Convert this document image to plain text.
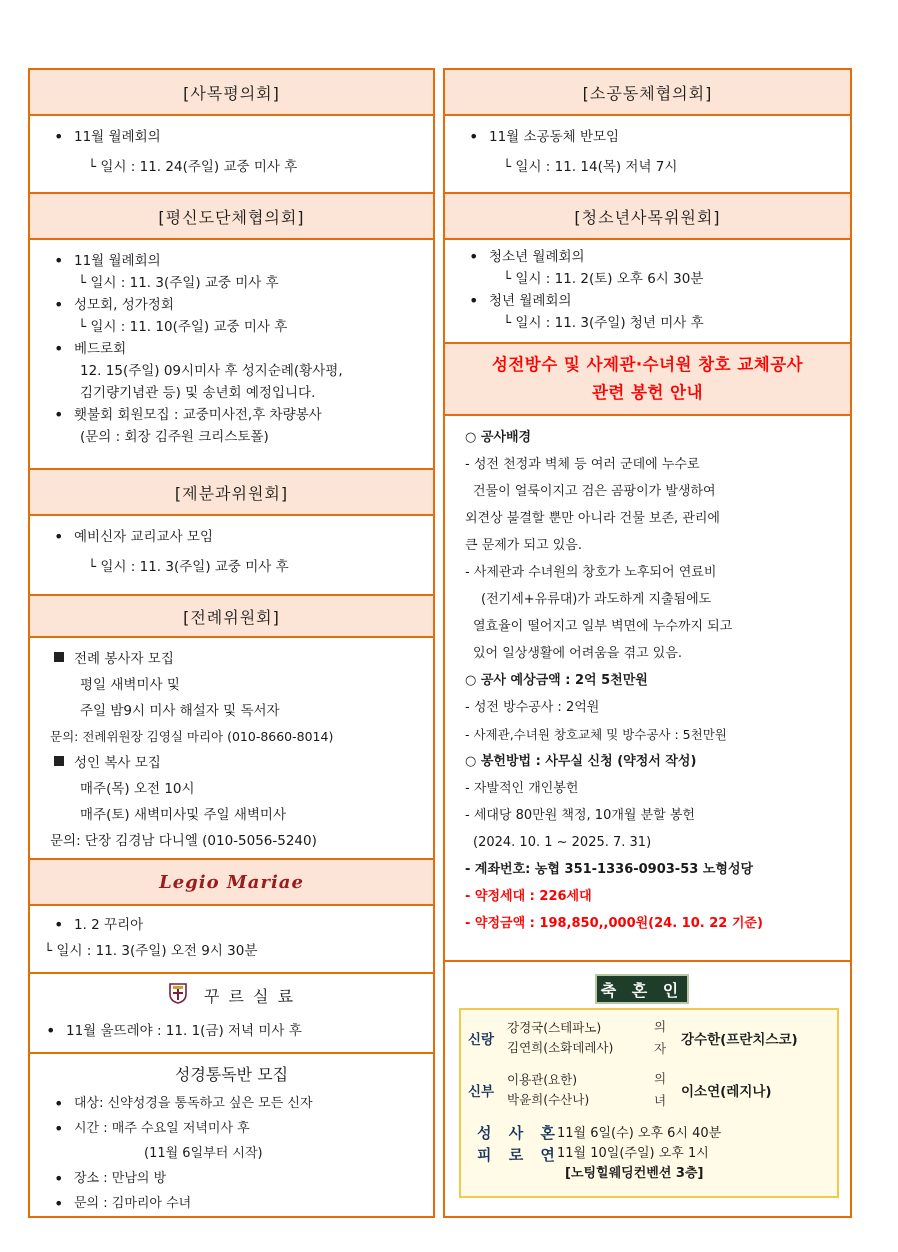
[사목평의회]
• 11월 월례회의
└ 일시 : 11. 24(주일) 교중 미사 후
[평신도단체협의회]
• 11월 월례회의
└ 일시 : 11. 3(주일) 교중 미사 후
• 성모회, 성가정회
└ 일시 : 11. 10(주일) 교중 미사 후
• 베드로회
12. 15(주일) 09시미사 후 성지순례(황사평,
김기량기념관 등) 및 송년회 예정입니다.
• 횃불회 회원모집 : 교중미사전,후 차량봉사
(문의 : 회장 김주원 크리스토폴)
[제분과위원회]
• 예비신자 교리교사 모임
└ 일시 : 11. 3(주일) 교중 미사 후
[전례위원회]
전례 봉사자 모집
평일 새벽미사 및
주일 밤9시 미사 해설자 및 독서자
문의: 전례위원장 김영실 마리아 (010-8660-8014)
성인 복사 모집
매주(목) 오전 10시
매주(토) 새벽미사및 주일 새벽미사
문의: 단장 김경남 다니엘 (010-5056-5240)
Legio Mariae
• 1. 2 꾸리아
└ 일시 : 11. 3(주일) 오전 9시 30분
꾸 르 실 료
• 11월 울뜨레야 : 11. 1(금) 저녁 미사 후
성경통독반 모집
• 대상: 신약성경을 통독하고 싶은 모든 신자
• 시간 : 매주 수요일 저녁미사 후
(11월 6일부터 시작)
• 장소 : 만남의 방
• 문의 : 김마리아 수녀
[소공동체협의회]
• 11월 소공동체 반모임
└ 일시 : 11. 14(목) 저녁 7시
[청소년사목위원회]
• 청소년 월례회의
└ 일시 : 11. 2(토) 오후 6시 30분
• 청년 월례회의
└ 일시 : 11. 3(주일) 청년 미사 후
성전방수 및 사제관·수녀원 창호 교체공사
관련 봉헌 안내
○ 공사배경
- 성전 천정과 벽체 등 여러 군데에 누수로
건물이 얼룩이지고 검은 곰팡이가 발생하여
외견상 불결할 뿐만 아니라 건물 보존, 관리에
큰 문제가 되고 있음.
- 사제관과 수녀원의 창호가 노후되어 연료비
(전기세+유류대)가 과도하게 지출됨에도
열효율이 떨어지고 일부 벽면에 누수까지 되고
있어 일상생활에 어려움을 겪고 있음.
○ 공사 예상금액 : 2억 5천만원
- 성전 방수공사 : 2억원
- 사제관,수녀원 창호교체 및 방수공사 : 5천만원
○ 봉헌방법 : 사무실 신청 (약정서 작성)
- 자발적인 개인봉헌
- 세대당 80만원 책정, 10개월 분할 봉헌
(2024. 10. 1 ~ 2025. 7. 31)
- 계좌번호: 농협 351-1336-0903-53 노형성당
- 약정세대 : 226세대
- 약정금액 : 198,850,,000원(24. 10. 22 기준)
축 혼 인
신랑
강경국(스테파노)
김연희(소화데레사)
의
자
강수한(프란치스코)
신부
이용관(요한)
박윤희(수산나)
의
녀
이소연(레지나)
성 사 혼
피 로 연
11월 6일(수) 오후 6시 40분
11월 10일(주일) 오후 1시
[노팅힐웨딩컨벤션 3층]
